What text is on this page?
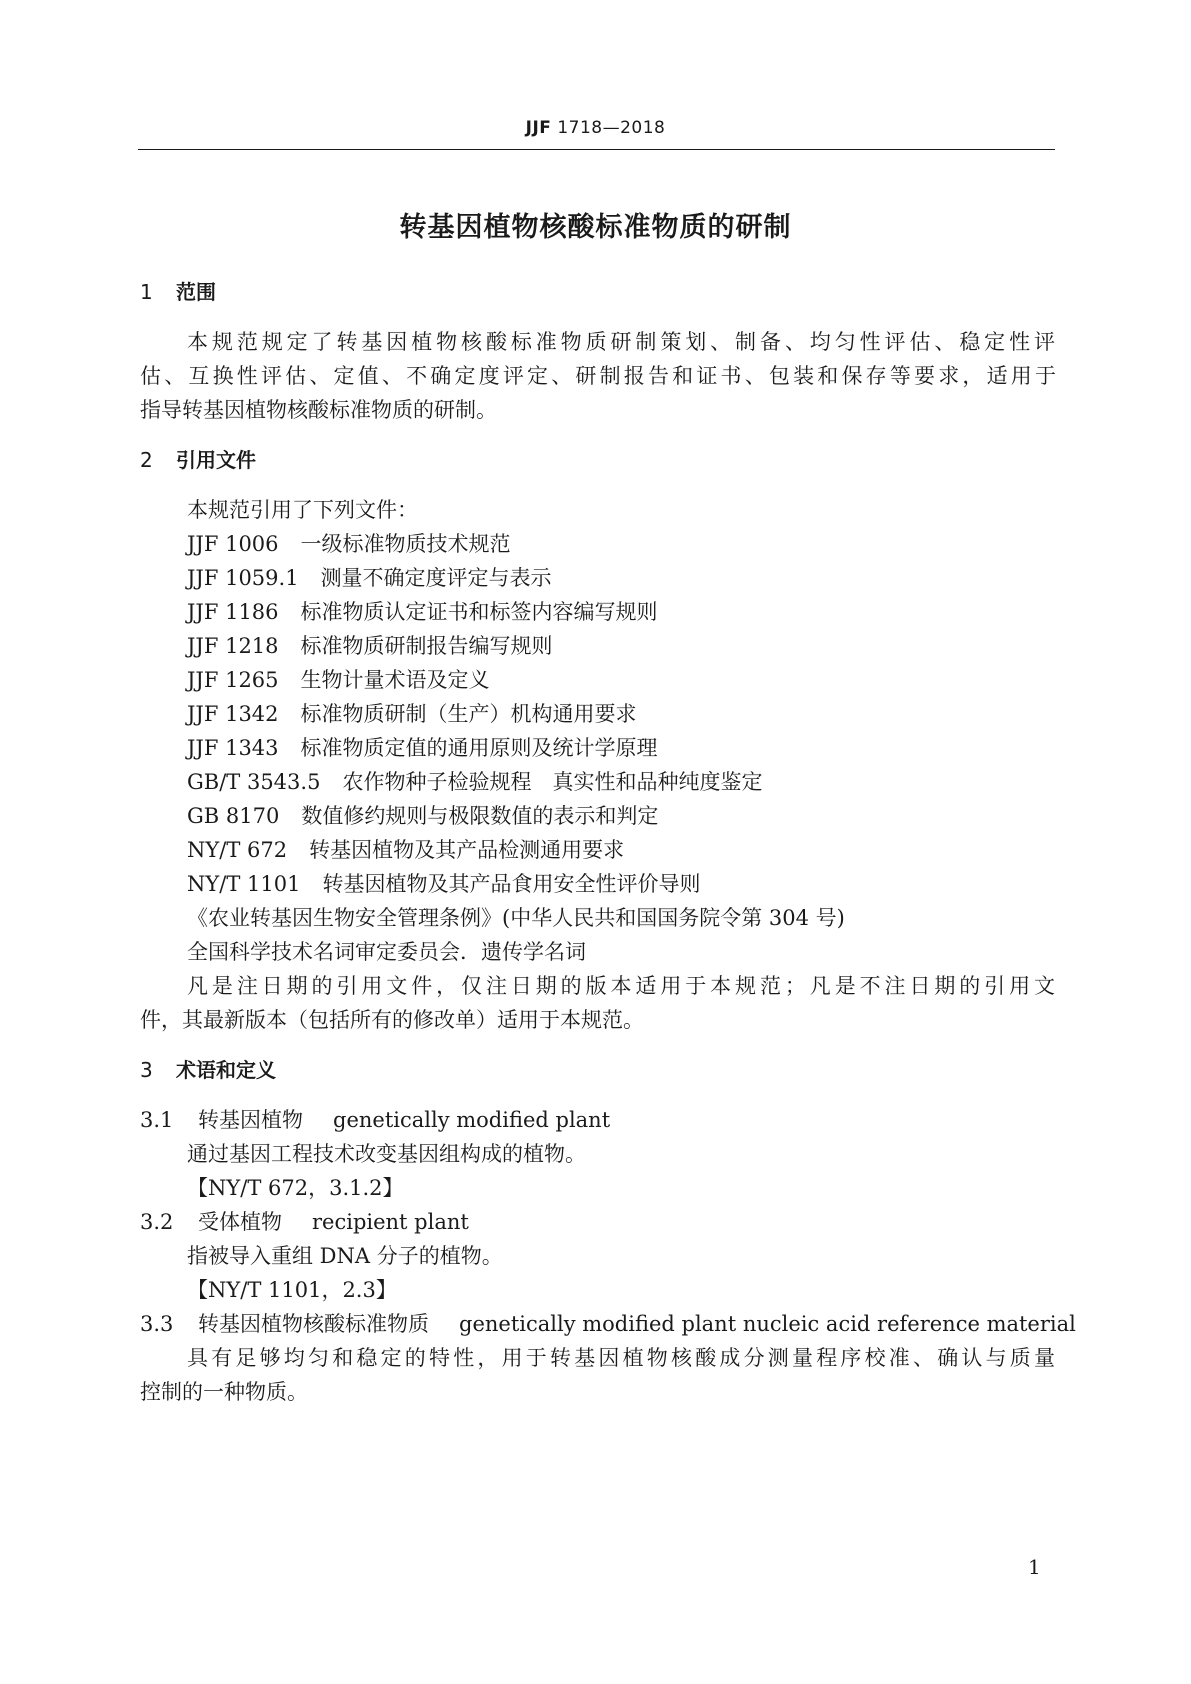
JJF 1718—2018
转基因植物核酸标准物质的研制
1 范围
本规范规定了转基因植物核酸标准物质研制策划、制备、均匀性评估、稳定性评
估、互换性评估、定值、不确定度评定、研制报告和证书、包装和保存等要求，适用于
指导转基因植物核酸标准物质的研制。
2 引用文件
本规范引用了下列文件：
JJF 1006 一级标准物质技术规范
JJF 1059.1 测量不确定度评定与表示
JJF 1186 标准物质认定证书和标签内容编写规则
JJF 1218 标准物质研制报告编写规则
JJF 1265 生物计量术语及定义
JJF 1342 标准物质研制（生产）机构通用要求
JJF 1343 标准物质定值的通用原则及统计学原理
GB/T 3543.5 农作物种子检验规程　真实性和品种纯度鉴定
GB 8170 数值修约规则与极限数值的表示和判定
NY/T 672 转基因植物及其产品检测通用要求
NY/T 1101 转基因植物及其产品食用安全性评价导则
《农业转基因生物安全管理条例》(中华人民共和国国务院令第 304 号)
全国科学技术名词审定委员会．遗传学名词
凡是注日期的引用文件，仅注日期的版本适用于本规范；凡是不注日期的引用文
件，其最新版本（包括所有的修改单）适用于本规范。
3 术语和定义
3.1 转基因植物 genetically modified plant
通过基因工程技术改变基因组构成的植物。
【NY/T 672，3.1.2】
3.2 受体植物 recipient plant
指被导入重组 DNA 分子的植物。
【NY/T 1101，2.3】
3.3 转基因植物核酸标准物质 genetically modified plant nucleic acid reference material
具有足够均匀和稳定的特性，用于转基因植物核酸成分测量程序校准、确认与质量
控制的一种物质。
1
